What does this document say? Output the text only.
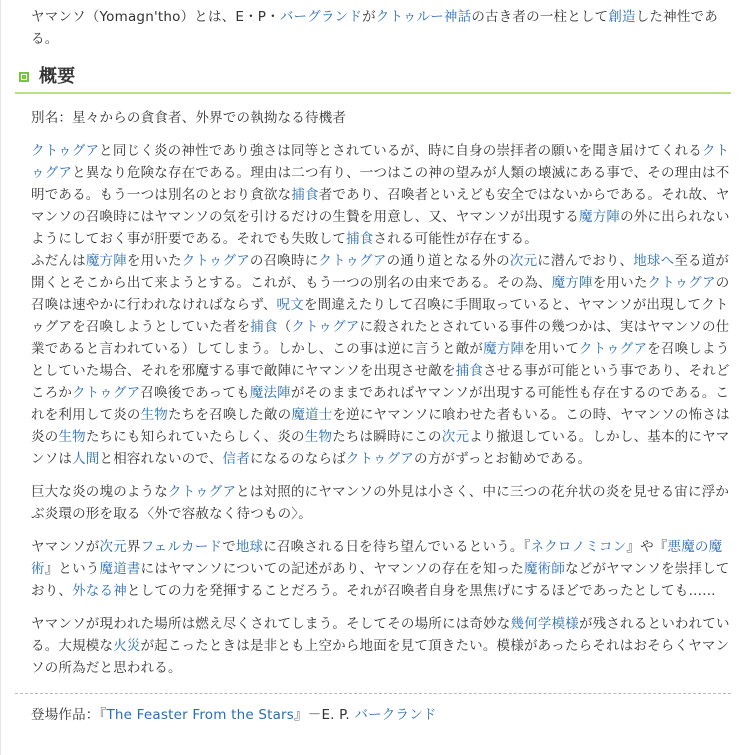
ヤマンソ（Yomagn'tho）とは、E・P・バーグランドがクトゥルー神話の古き者の一柱として創造した神性である。

概要

別名：星々からの貪食者、外界での執拗なる待機者

クトゥグアと同じく炎の神性であり強さは同等とされているが、時に自身の崇拝者の願いを聞き届けてくれるクトゥグアと異なり危険な存在である。理由は二つ有り、一つはこの神の望みが人類の壊滅にある事で、その理由は不明である。もう一つは別名のとおり貪欲な捕食者であり、召喚者といえども安全ではないからである。それ故、ヤマンソの召喚時にはヤマンソの気を引けるだけの生贄を用意し、又、ヤマンソが出現する魔方陣の外に出られないようにしておく事が肝要である。それでも失敗して捕食される可能性が存在する。

ふだんは魔方陣を用いたクトゥグアの召喚時にクトゥグアの通り道となる外の次元に潜んでおり、地球へ至る道が開くとそこから出て来ようとする。これが、もう一つの別名の由来である。その為、魔方陣を用いたクトゥグアの召喚は速やかに行われなければならず、呪文を間違えたりして召喚に手間取っていると、ヤマンソが出現してクトゥグアを召喚しようとしていた者を捕食（クトゥグアに殺されたとされている事件の幾つかは、実はヤマンソの仕業であると言われている）してしまう。しかし、この事は逆に言うと敵が魔方陣を用いてクトゥグアを召喚しようとしていた場合、それを邪魔する事で敵陣にヤマンソを出現させ敵を捕食させる事が可能という事であり、それどころかクトゥグア召喚後であっても魔法陣がそのままであればヤマンソが出現する可能性も存在するのである。これを利用して炎の生物たちを召喚した敵の魔道士を逆にヤマンソに喰わせた者もいる。この時、ヤマンソの怖さは炎の生物たちにも知られていたらしく、炎の生物たちは瞬時にこの次元より撤退している。しかし、基本的にヤマンソは人間と相容れないので、信者になるのならばクトゥグアの方がずっとお勧めである。

巨大な炎の塊のようなクトゥグアとは対照的にヤマンソの外見は小さく、中に三つの花弁状の炎を見せる宙に浮かぶ炎環の形を取る〈外で容赦なく待つもの〉。

ヤマンソが次元界フェルカードで地球に召喚される日を待ち望んでいるという。『ネクロノミコン』や『悪魔の魔術』という魔道書にはヤマンソについての記述があり、ヤマンソの存在を知った魔術師などがヤマンソを崇拝しており、外なる神としての力を発揮することだろう。それが召喚者自身を黒焦げにするほどであったとしても……

ヤマンソが現われた場所は燃え尽くされてしまう。そしてその場所には奇妙な幾何学模様が残されるといわれている。大規模な火災が起こったときは是非とも上空から地面を見て頂きたい。模様があったらそれはおそらくヤマンソの所為だと思われる。

登場作品：『The Feaster From the Stars』－E. P. バークランド
